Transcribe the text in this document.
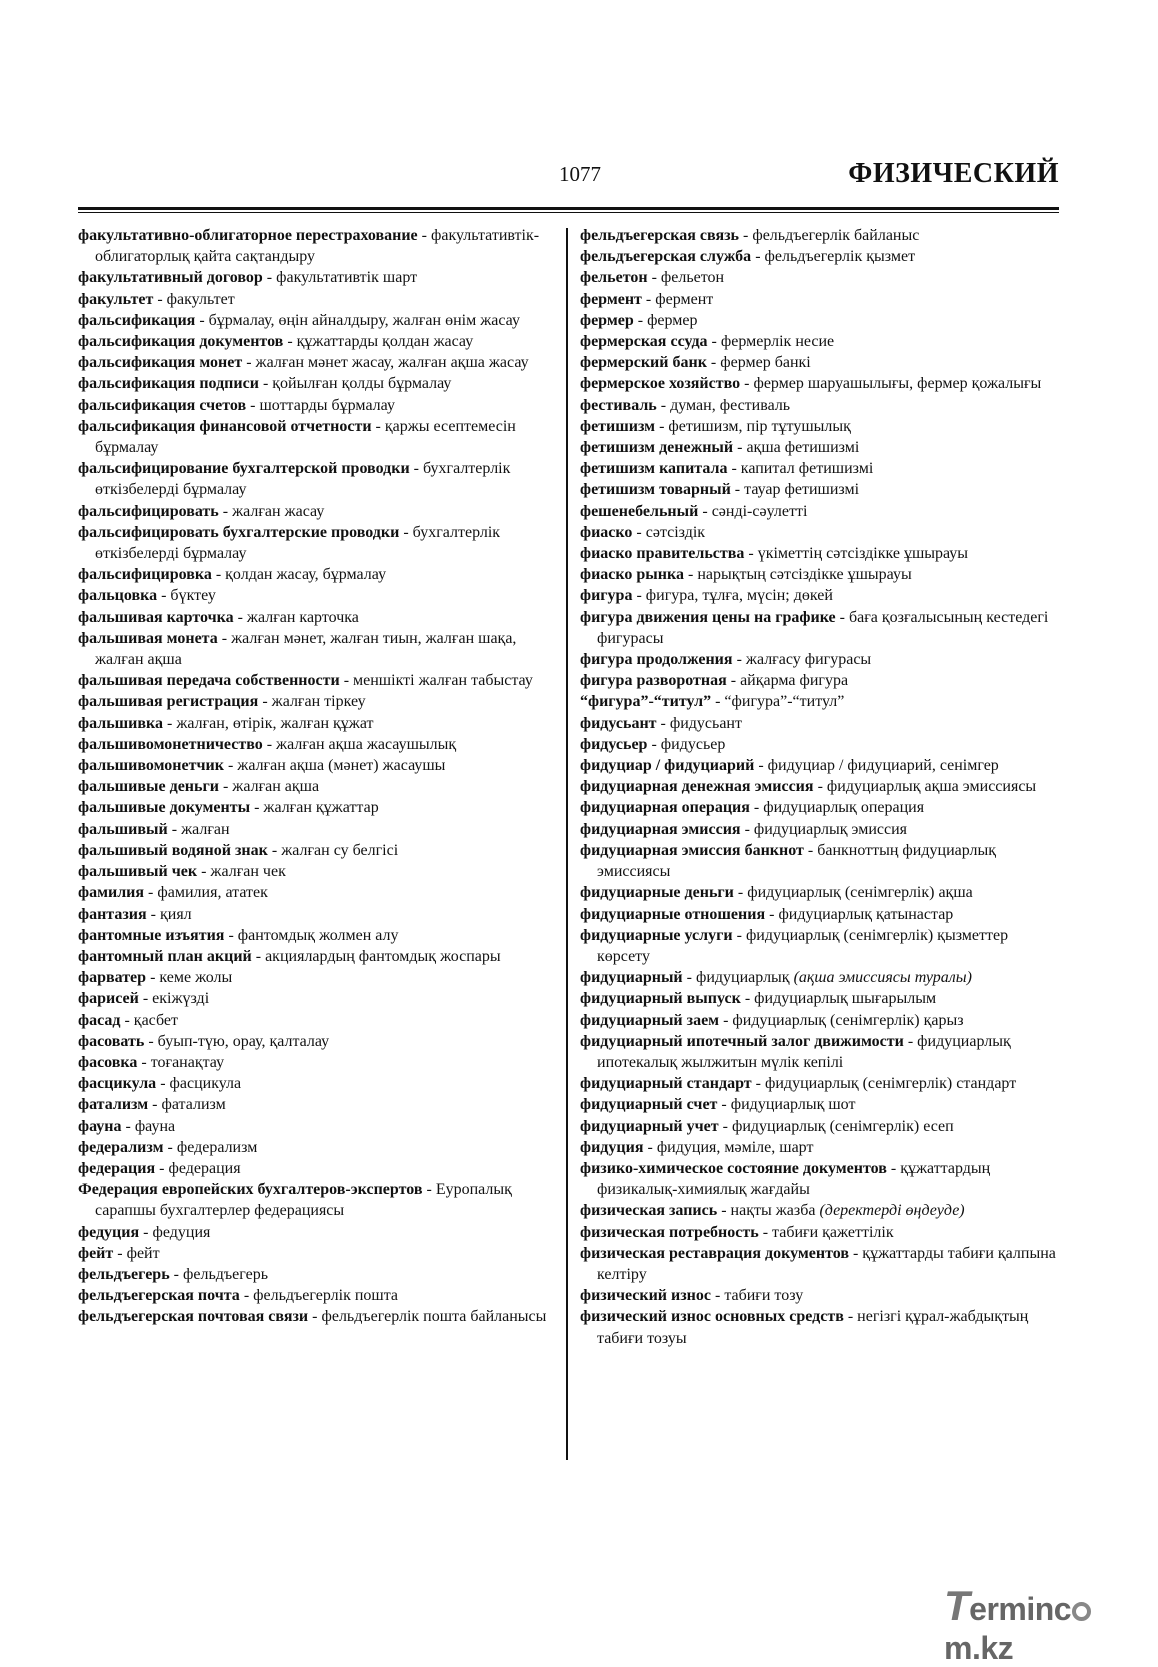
1077	ФИЗИЧЕСКИЙ

факультативно-облигаторное перестрахование - факультативтік-облигаторлық қайта сақтандыру

факультативный договор - факультативтік шарт

факультет - факультет

фальсификация - бұрмалау, өңін айналдыру, жалған өнім жасау

фальсификация документов - құжаттарды қолдан жасау

фальсификация монет - жалған мәнет жасау, жалған ақша жасау

фальсификация подписи - қойылған қолды бұрмалау

фальсификация счетов - шоттарды бұрмалау

фальсификация финансовой отчетности - қаржы есептемесін бұрмалау

фальсифицирование бухгалтерской проводки - бухгалтерлік өткізбелерді бұрмалау

фальсифицировать - жалған жасау

фальсифицировать бухгалтерские проводки - бухгалтерлік өткізбелерді бұрмалау

фальсифицировка - қолдан жасау, бұрмалау

фальцовка - бүктеу

фальшивая карточка - жалған карточка

фальшивая монета - жалған мәнет, жалған тиын, жалған шақа, жалған ақша

фальшивая передача собственности - меншікті жалған табыстау

фальшивая регистрация - жалған тіркеу

фальшивка - жалған, өтірік, жалған құжат

фальшивомонетничество - жалған ақша жасаушылық

фальшивомонетчик - жалған ақша (мәнет) жасаушы

фальшивые деньги - жалған ақша

фальшивые документы - жалған құжаттар

фальшивый - жалған

фальшивый водяной знак - жалған су белгісі

фальшивый чек - жалған чек

фамилия - фамилия, ататек

фантазия - қиял

фантомные изъятия - фантомдық жолмен алу

фантомный план акций - акциялардың фантомдық жоспары

фарватер - кеме жолы

фарисей - екіжүзді

фасад - қасбет

фасовать - буып-түю, орау, қалталау

фасовка - тоғанақтау

фасцикула - фасцикула

фатализм - фатализм

фауна - фауна

федерализм - федерализм

федерация - федерация

Федерация европейских бухгалтеров-экспертов - Еуропалық сарапшы бухгалтерлер федерациясы

федуция - федуция

фейт - фейт

фельдъегерь - фельдъегерь

фельдъегерская почта - фельдъегерлік пошта

фельдъегерская почтовая связи - фельдъегерлік пошта байланысы

фельдъегерская связь - фельдъегерлік байланыс

фельдъегерская служба - фельдъегерлік қызмет

фельетон - фельетон

фермент - фермент

фермер - фермер

фермерская ссуда - фермерлік несие

фермерский банк - фермер банкі

фермерское хозяйство - фермер шаруашылығы, фермер қожалығы

фестиваль - думан, фестиваль

фетишизм - фетишизм, пір тұтушылық

фетишизм денежный - ақша фетишизмі

фетишизм капитала - капитал фетишизмі

фетишизм товарный - тауар фетишизмі

фешенебельный - сәнді-сәулетті

фиаско - сәтсіздік

фиаско правительства - үкіметтің сәтсіздікке ұшырауы

фиаско рынка - нарықтың сәтсіздікке ұшырауы

фигура - фигура, тұлға, мүсін; дөкей

фигура движения цены на графике - баға қозғалысының кестедегі фигурасы

фигура продолжения - жалғасу фигурасы

фигура разворотная - айқарма фигура

“фигура”-“титул” - “фигура”-“титул”

фидусьант - фидусьант

фидусьер - фидусьер

фидуциар / фидуциарий - фидуциар / фидуциарий, сенімгер

фидуциарная денежная эмиссия - фидуциарлық ақша эмиссиясы

фидуциарная операция - фидуциарлық операция

фидуциарная эмиссия - фидуциарлық эмиссия

фидуциарная эмиссия банкнот - банкноттың фидуциарлық эмиссиясы

фидуциарные деньги - фидуциарлық (сенімгерлік) ақша

фидуциарные отношения - фидуциарлық қатынастар

фидуциарные услуги - фидуциарлық (сенімгерлік) қызметтер көрсету

фидуциарный - фидуциарлық (ақша эмиссиясы туралы)

фидуциарный выпуск - фидуциарлық шығарылым

фидуциарный заем - фидуциарлық (сенімгерлік) қарыз

фидуциарный ипотечный залог движимости - фидуциарлық ипотекалық жылжитын мүлік кепілі

фидуциарный стандарт - фидуциарлық (сенімгерлік) стандарт

фидуциарный счет - фидуциарлық шот

фидуциарный учет - фидуциарлық (сенімгерлік) есеп

фидуция - фидуция, мәміле, шарт

физико-химическое состояние документов - құжаттардың физикалық-химиялық жағдайы

физическая запись - нақты жазба (деректерді өңдеуде)

физическая потребность - табиғи қажеттілік

физическая реставрация документов - құжаттарды табиғи қалпына келтіру

физический износ - табиғи тозу

физический износ основных средств - негізгі құрал-жабдықтың табиғи тозуы

Termincm.kz
